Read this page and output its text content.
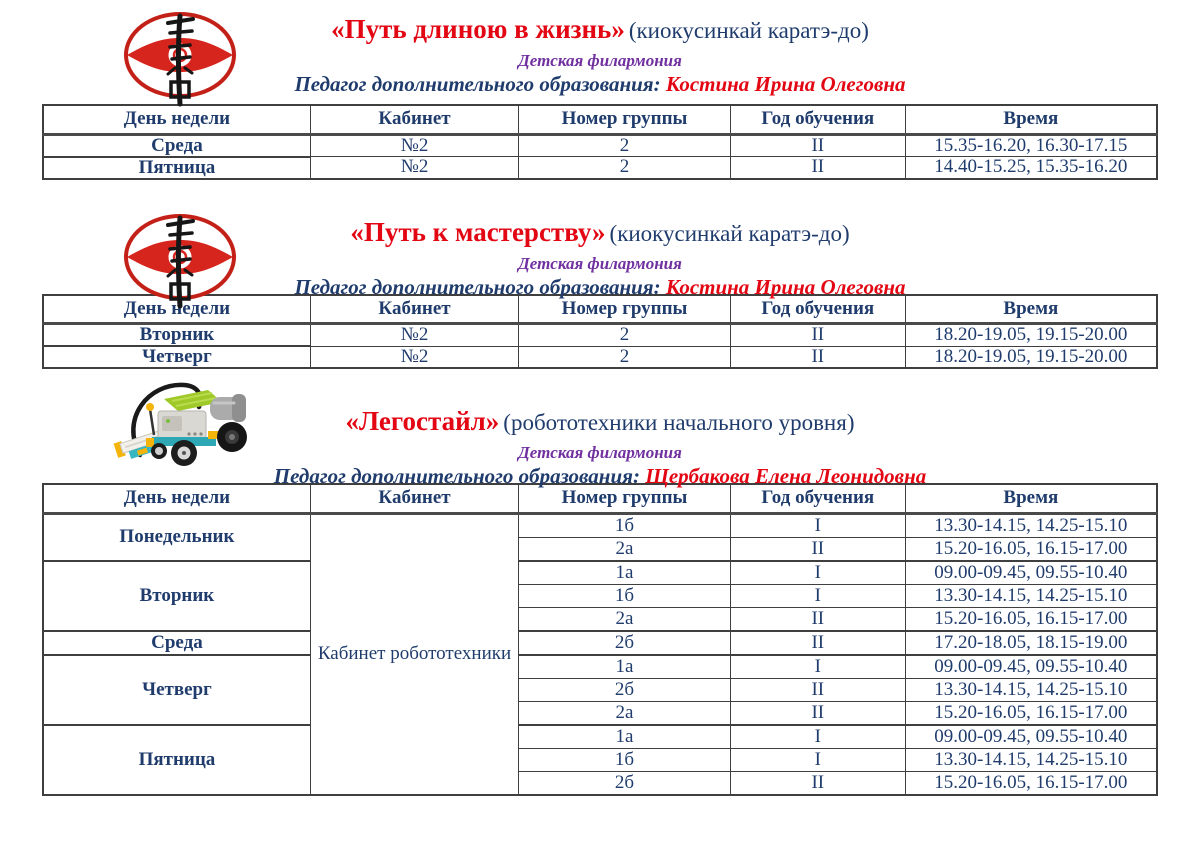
«Путь длиною в жизнь» (киокусинкай каратэ-до)
Детская филармония
Педагог дополнительного образования: Костина Ирина Олеговна
День недели	Кабинет	Номер группы	Год обучения	Время
Среда	№2	2	II	15.35-16.20, 16.30-17.15
Пятница	№2	2	II	14.40-15.25, 15.35-16.20
«Путь к мастерству» (киокусинкай каратэ-до)
Детская филармония
Педагог дополнительного образования: Костина Ирина Олеговна
День недели	Кабинет	Номер группы	Год обучения	Время
Вторник	№2	2	II	18.20-19.05, 19.15-20.00
Четверг	№2	2	II	18.20-19.05, 19.15-20.00
«Легостайл» (робототехники начального уровня)
Детская филармония
Педагог дополнительного образования: Щербакова Елена Леонидовна
День недели	Кабинет	Номер группы	Год обучения	Время
Понедельник	Кабинет робототехники	1б	I	13.30-14.15, 14.25-15.10
		2а	II	15.20-16.05, 16.15-17.00
Вторник		1а	I	09.00-09.45, 09.55-10.40
		1б	I	13.30-14.15, 14.25-15.10
		2а	II	15.20-16.05, 16.15-17.00
Среда		2б	II	17.20-18.05, 18.15-19.00
Четверг		1а	I	09.00-09.45, 09.55-10.40
		2б	II	13.30-14.15, 14.25-15.10
		2а	II	15.20-16.05, 16.15-17.00
Пятница		1а	I	09.00-09.45, 09.55-10.40
		1б	I	13.30-14.15, 14.25-15.10
		2б	II	15.20-16.05, 16.15-17.00
